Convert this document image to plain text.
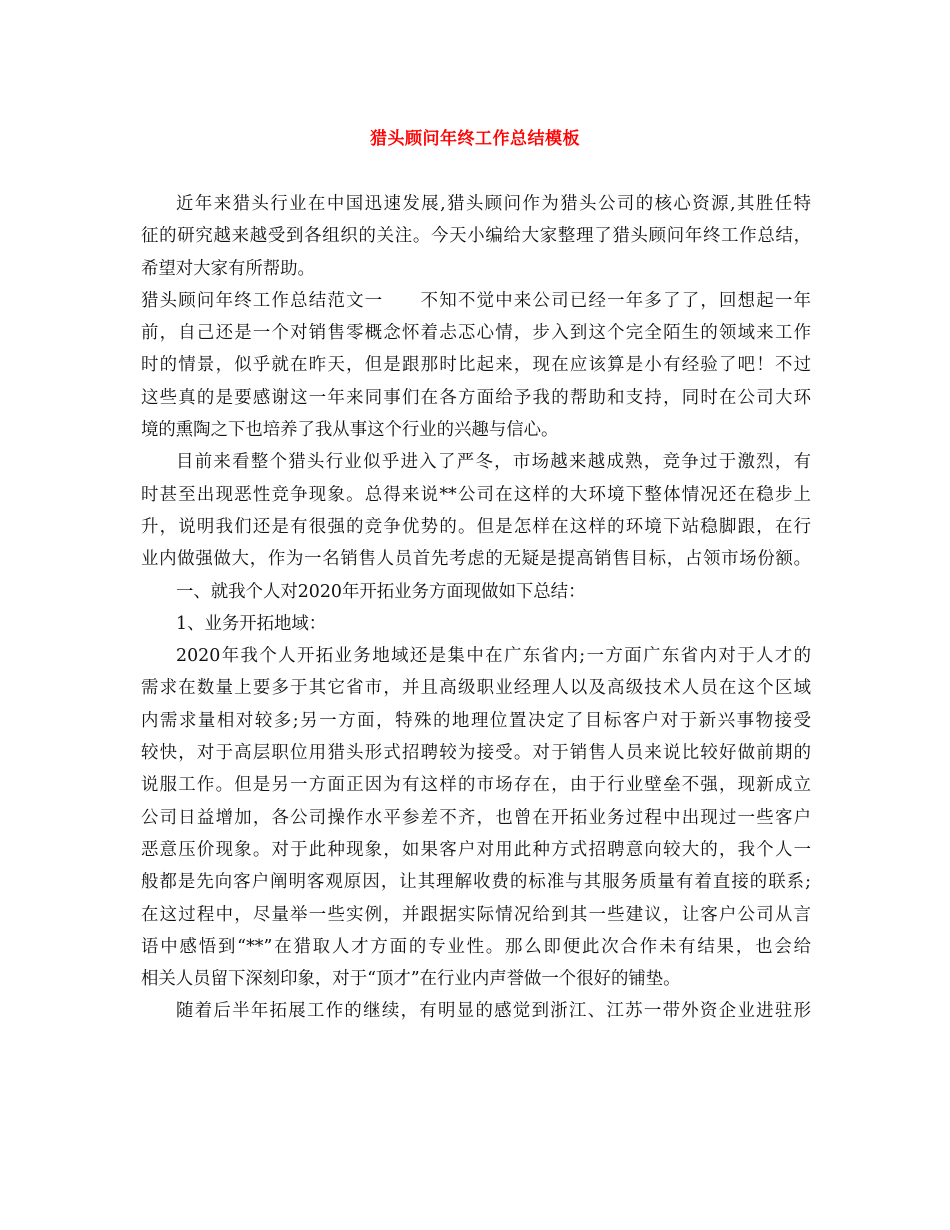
猎头顾问年终工作总结模板
近年来猎头行业在中国迅速发展,猎头顾问作为猎头公司的核心资源,其胜任特
征的研究越来越受到各组织的关注。今天小编给大家整理了猎头顾问年终工作总结，
希望对大家有所帮助。
猎头顾问年终工作总结范文一　　不知不觉中来公司已经一年多了了，回想起一年
前，自己还是一个对销售零概念怀着忐忑心情，步入到这个完全陌生的领域来工作
时的情景，似乎就在昨天，但是跟那时比起来，现在应该算是小有经验了吧！不过
这些真的是要感谢这一年来同事们在各方面给予我的帮助和支持，同时在公司大环
境的熏陶之下也培养了我从事这个行业的兴趣与信心。
目前来看整个猎头行业似乎进入了严冬，市场越来越成熟，竞争过于激烈，有
时甚至出现恶性竞争现象。总得来说**公司在这样的大环境下整体情况还在稳步上
升，说明我们还是有很强的竞争优势的。但是怎样在这样的环境下站稳脚跟，在行
业内做强做大，作为一名销售人员首先考虑的无疑是提高销售目标，占领市场份额。
一、就我个人对2020年开拓业务方面现做如下总结：
1、业务开拓地域：
2020年我个人开拓业务地域还是集中在广东省内;一方面广东省内对于人才的
需求在数量上要多于其它省市，并且高级职业经理人以及高级技术人员在这个区域
内需求量相对较多;另一方面，特殊的地理位置决定了目标客户对于新兴事物接受
较快，对于高层职位用猎头形式招聘较为接受。对于销售人员来说比较好做前期的
说服工作。但是另一方面正因为有这样的市场存在，由于行业壁垒不强，现新成立
公司日益增加，各公司操作水平参差不齐，也曾在开拓业务过程中出现过一些客户
恶意压价现象。对于此种现象，如果客户对用此种方式招聘意向较大的，我个人一
般都是先向客户阐明客观原因，让其理解收费的标准与其服务质量有着直接的联系;
在这过程中，尽量举一些实例，并跟据实际情况给到其一些建议，让客户公司从言
语中感悟到“**”在猎取人才方面的专业性。那么即便此次合作未有结果，也会给
相关人员留下深刻印象，对于“顶才”在行业内声誉做一个很好的铺垫。
随着后半年拓展工作的继续，有明显的感觉到浙江、江苏一带外资企业进驻形
